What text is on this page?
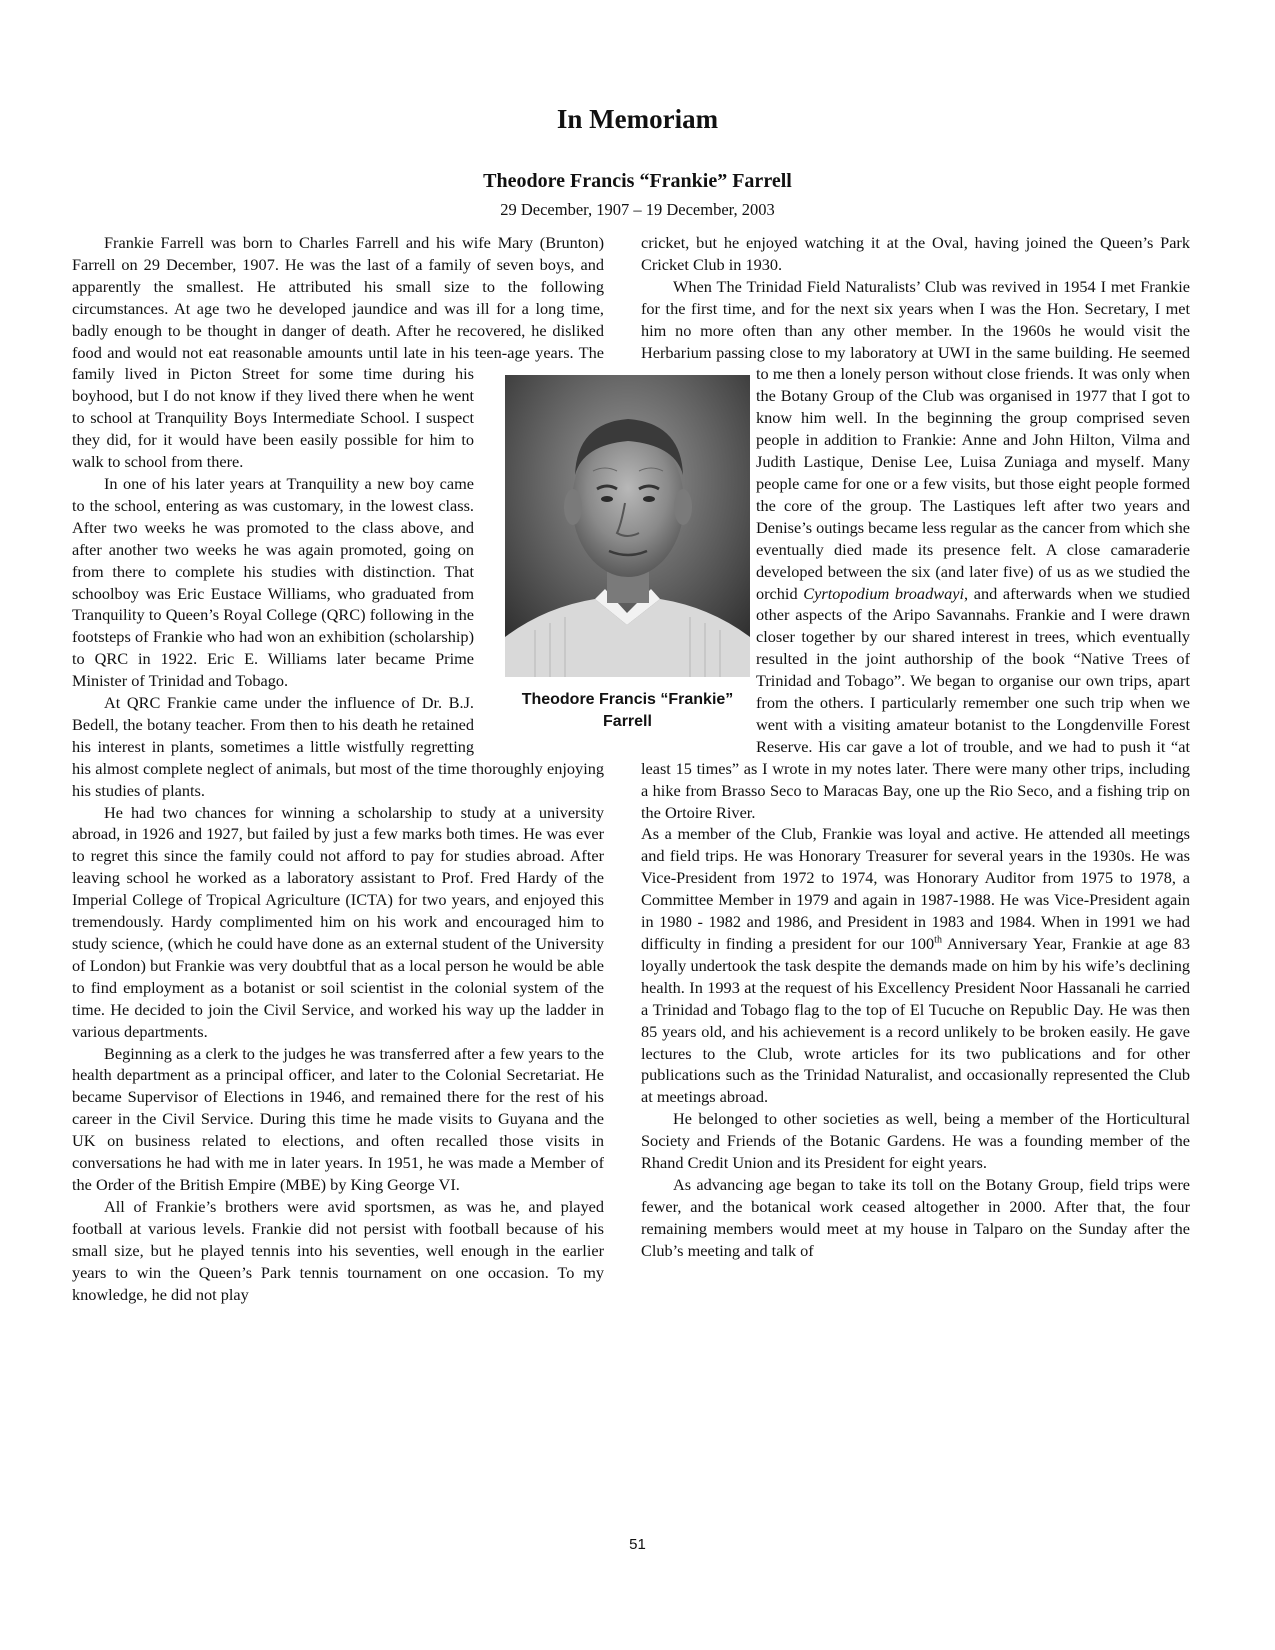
In Memoriam
Theodore Francis “Frankie” Farrell
29 December, 1907 – 19 December, 2003

Frankie Farrell was born to Charles Farrell and his wife Mary (Brunton) Farrell on 29 December, 1907. He was the last of a family of seven boys, and apparently the smallest. He attributed his small size to the following circumstances. At age two he developed jaundice and was ill for a long time, badly enough to be thought in danger of death. After he recovered, he disliked food and would not eat reasonable amounts until late in his teen-age years. The family lived in Picton Street for some time during his boyhood, but I do not know if they lived there when he went to school at Tranquility Boys Intermediate School. I suspect they did, for it would have been easily possible for him to walk to school from there.

In one of his later years at Tranquility a new boy came to the school, entering as was customary, in the lowest class. After two weeks he was promoted to the class above, and after another two weeks he was again promoted, going on from there to complete his studies with distinction. That schoolboy was Eric Eustace Williams, who graduated from Tranquility to Queen’s Royal College (QRC) following in the footsteps of Frankie who had won an exhibition (scholarship) to QRC in 1922. Eric E. Williams later became Prime Minister of Trinidad and Tobago.

At QRC Frankie came under the influence of Dr. B.J. Bedell, the botany teacher. From then to his death he retained his interest in plants, sometimes a little wistfully regretting his almost complete neglect of animals, but most of the time thoroughly enjoying his studies of plants.

He had two chances for winning a scholarship to study at a university abroad, in 1926 and 1927, but failed by just a few marks both times. He was ever to regret this since the family could not afford to pay for studies abroad. After leaving school he worked as a laboratory assistant to Prof. Fred Hardy of the Imperial College of Tropical Agriculture (ICTA) for two years, and enjoyed this tremendously. Hardy complimented him on his work and encouraged him to study science, (which he could have done as an external student of the University of London) but Frankie was very doubtful that as a local person he would be able to find employment as a botanist or soil scientist in the colonial system of the time. He decided to join the Civil Service, and worked his way up the ladder in various departments.

Beginning as a clerk to the judges he was transferred after a few years to the health department as a principal officer, and later to the Colonial Secretariat. He became Supervisor of Elections in 1946, and remained there for the rest of his career in the Civil Service. During this time he made visits to Guyana and the UK on business related to elections, and often recalled those visits in conversations he had with me in later years. In 1951, he was made a Member of the Order of the British Empire (MBE) by King George VI.

All of Frankie’s brothers were avid sportsmen, as was he, and played football at various levels. Frankie did not persist with football because of his small size, but he played tennis into his seventies, well enough in the earlier years to win the Queen’s Park tennis tournament on one occasion. To my knowledge, he did not play

cricket, but he enjoyed watching it at the Oval, having joined the Queen’s Park Cricket Club in 1930.

When The Trinidad Field Naturalists’ Club was revived in 1954 I met Frankie for the first time, and for the next six years when I was the Hon. Secretary, I met him no more often than any other member. In the 1960s he would visit the Herbarium passing close to my laboratory at UWI in the same building. He seemed to me then a lonely person without close friends. It was only when the Botany Group of the Club was organised in 1977 that I got to know him well. In the beginning the group comprised seven people in addition to Frankie: Anne and John Hilton, Vilma and Judith Lastique, Denise Lee, Luisa Zuniaga and myself. Many people came for one or a few visits, but those eight people formed the core of the group. The Lastiques left after two years and Denise’s outings became less regular as the cancer from which she eventually died made its presence felt. A close camaraderie developed between the six (and later five) of us as we studied the orchid Cyrtopodium broadwayi, and afterwards when we studied other aspects of the Aripo Savannahs. Frankie and I were drawn closer together by our shared interest in trees, which eventually resulted in the joint authorship of the book “Native Trees of Trinidad and Tobago”. We began to organise our own trips, apart from the others. I particularly remember one such trip when we went with a visiting amateur botanist to the Longdenville Forest Reserve. His car gave a lot of trouble, and we had to push it “at least 15 times” as I wrote in my notes later. There were many other trips, including a hike from Brasso Seco to Maracas Bay, one up the Rio Seco, and a fishing trip on the Ortoire River.

As a member of the Club, Frankie was loyal and active. He attended all meetings and field trips. He was Honorary Treasurer for several years in the 1930s. He was Vice-President from 1972 to 1974, was Honorary Auditor from 1975 to 1978, a Committee Member in 1979 and again in 1987-1988. He was Vice-President again in 1980 - 1982 and 1986, and President in 1983 and 1984. When in 1991 we had difficulty in finding a president for our 100th Anniversary Year, Frankie at age 83 loyally undertook the task despite the demands made on him by his wife’s declining health. In 1993 at the request of his Excellency President Noor Hassanali he carried a Trinidad and Tobago flag to the top of El Tucuche on Republic Day. He was then 85 years old, and his achievement is a record unlikely to be broken easily. He gave lectures to the Club, wrote articles for its two publications and for other publications such as the Trinidad Naturalist, and occasionally represented the Club at meetings abroad.

He belonged to other societies as well, being a member of the Horticultural Society and Friends of the Botanic Gardens. He was a founding member of the Rhand Credit Union and its President for eight years.

As advancing age began to take its toll on the Botany Group, field trips were fewer, and the botanical work ceased altogether in 2000. After that, the four remaining members would meet at my house in Talparo on the Sunday after the Club’s meeting and talk of

Theodore Francis “Frankie”
Farrell
51
